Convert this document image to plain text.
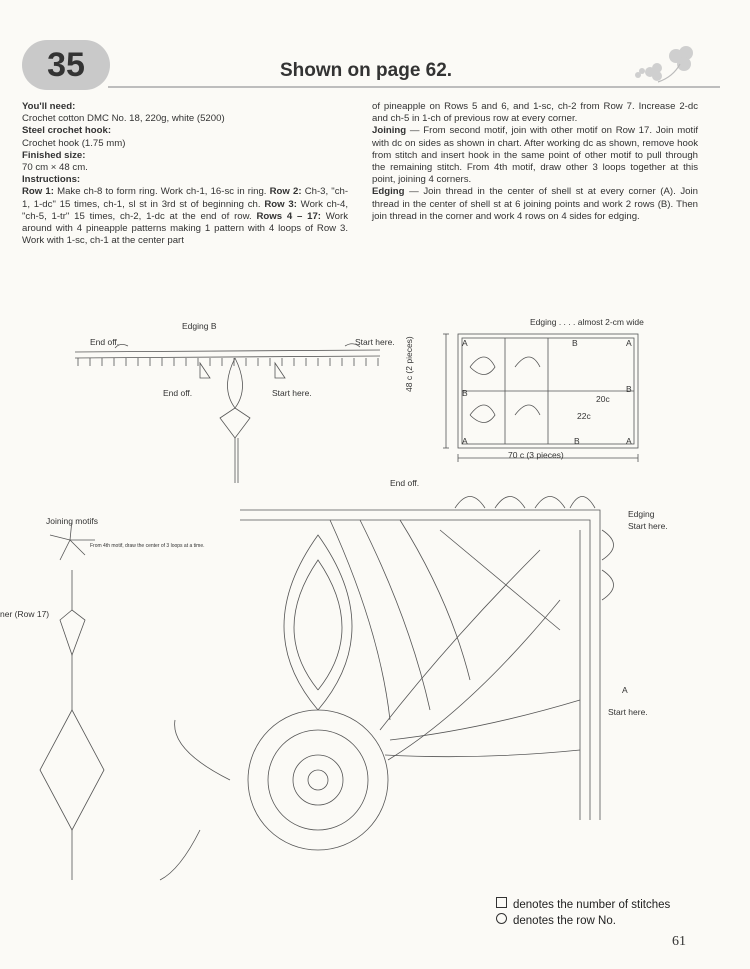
35	Shown on page 62.

You'll need:

Crochet cotton DMC No. 18, 220g, white (5200)

Steel crochet hook:

Crochet hook (1.75 mm)

Finished size:

70 cm × 48 cm.

Instructions:

Row 1: Make ch-8 to form ring. Work ch-1, 16-sc in ring. Row 2: Ch-3, "ch-1, 1-dc" 15 times, ch-1, sl st in 3rd st of beginning ch. Row 3: Work ch-4, "ch-5, 1-tr" 15 times, ch-2, 1-dc at the end of row. Rows 4 – 17: Work around with 4 pineapple patterns making 1 pattern with 4 loops of Row 3. Work with 1-sc, ch-1 at the center part

of pineapple on Rows 5 and 6, and 1-sc, ch-2 from Row 7. Increase 2-dc and ch-5 in 1-ch of previous row at every corner.

Joining — From second motif, join with other motif on Row 17. Join motif with dc on sides as shown in chart. After working dc as shown, remove hook from stitch and insert hook in the same point of other motif to pull through the remaining stitch. From 4th motif, draw other 3 loops together at this point, joining 4 corners.

Edging — Join thread in the center of shell st at every corner (A). Join thread in the center of shell st at 6 joining points and work 2 rows (B). Then join thread in the corner and work 4 rows on 4 sides for edging.

Edging B
End off.	Start here.
End off.	Start here.
Edging . . . . almost 2-cm wide
A	B	A
B	B
A	B	A
20c
22c
70 c (3 pieces)
48 c (2 pieces)
End off.
Edging
Start here.
A
Start here.
Joining motifs
From 4th motif, draw the center of 3 loops at a time.
ner (Row 17)
denotes the number of stitches
denotes the row No.
61
